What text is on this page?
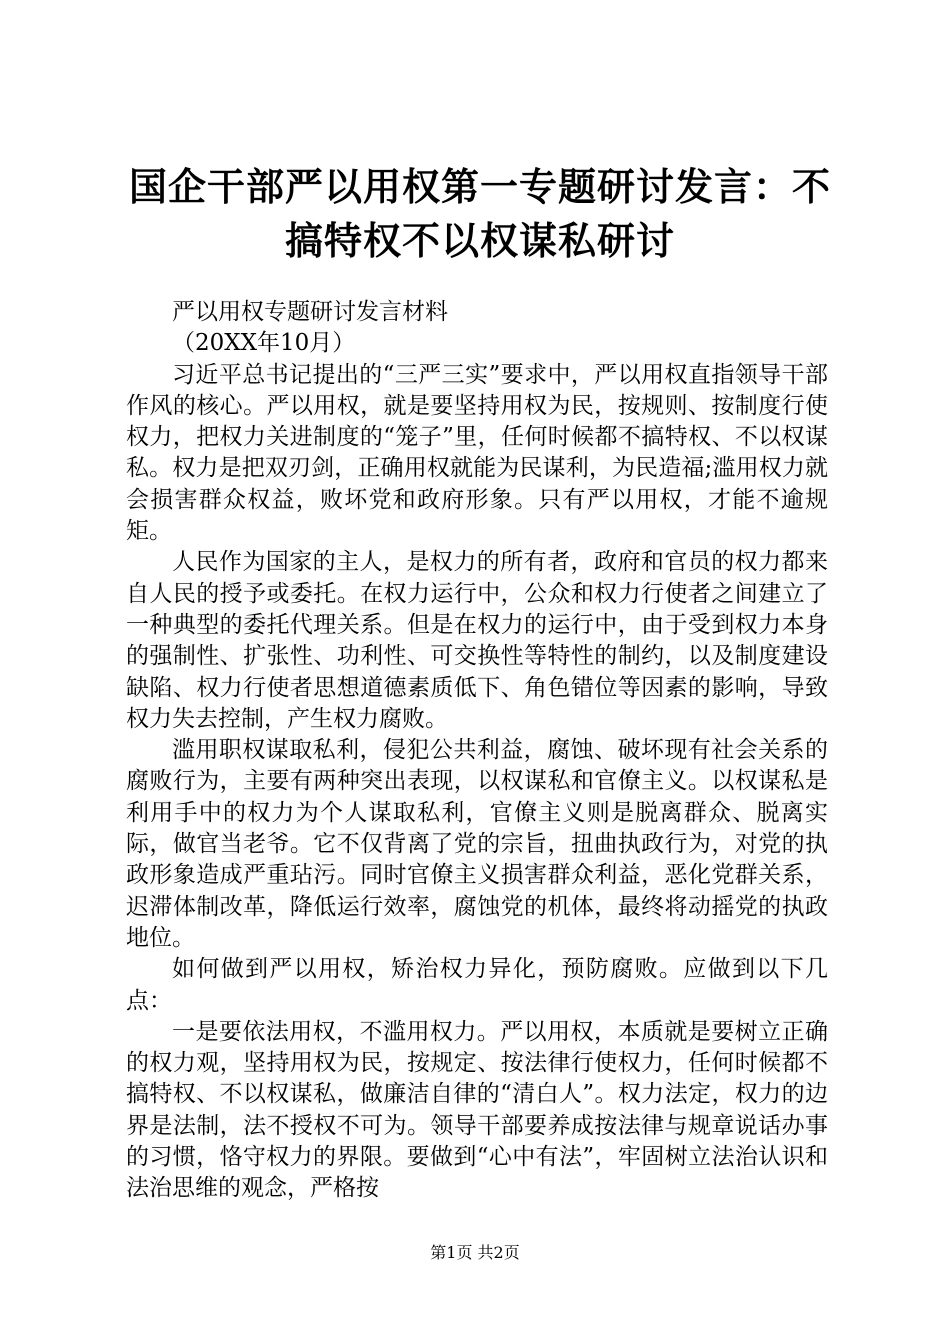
国企干部严以用权第一专题研讨发言：不搞特权不以权谋私研讨

严以用权专题研讨发言材料

（20XX年10月）

习近平总书记提出的“三严三实”要求中，严以用权直指领导干部作风的核心。严以用权，就是要坚持用权为民，按规则、按制度行使权力，把权力关进制度的“笼子”里，任何时候都不搞特权、不以权谋私。权力是把双刃剑，正确用权就能为民谋利，为民造福;滥用权力就会损害群众权益，败坏党和政府形象。只有严以用权，才能不逾规矩。

人民作为国家的主人，是权力的所有者，政府和官员的权力都来自人民的授予或委托。在权力运行中，公众和权力行使者之间建立了一种典型的委托代理关系。但是在权力的运行中，由于受到权力本身的强制性、扩张性、功利性、可交换性等特性的制约，以及制度建设缺陷、权力行使者思想道德素质低下、角色错位等因素的影响，导致权力失去控制，产生权力腐败。

滥用职权谋取私利，侵犯公共利益，腐蚀、破坏现有社会关系的腐败行为，主要有两种突出表现，以权谋私和官僚主义。以权谋私是利用手中的权力为个人谋取私利，官僚主义则是脱离群众、脱离实际，做官当老爷。它不仅背离了党的宗旨，扭曲执政行为，对党的执政形象造成严重玷污。同时官僚主义损害群众利益，恶化党群关系，迟滞体制改革，降低运行效率，腐蚀党的机体，最终将动摇党的执政地位。

如何做到严以用权，矫治权力异化，预防腐败。应做到以下几点：

一是要依法用权，不滥用权力。严以用权，本质就是要树立正确的权力观，坚持用权为民，按规定、按法律行使权力，任何时候都不搞特权、不以权谋私，做廉洁自律的“清白人”。权力法定，权力的边界是法制，法不授权不可为。领导干部要养成按法律与规章说话办事的习惯，恪守权力的界限。要做到“心中有法”，牢固树立法治认识和法治思维的观念，严格按

第1页 共2页
